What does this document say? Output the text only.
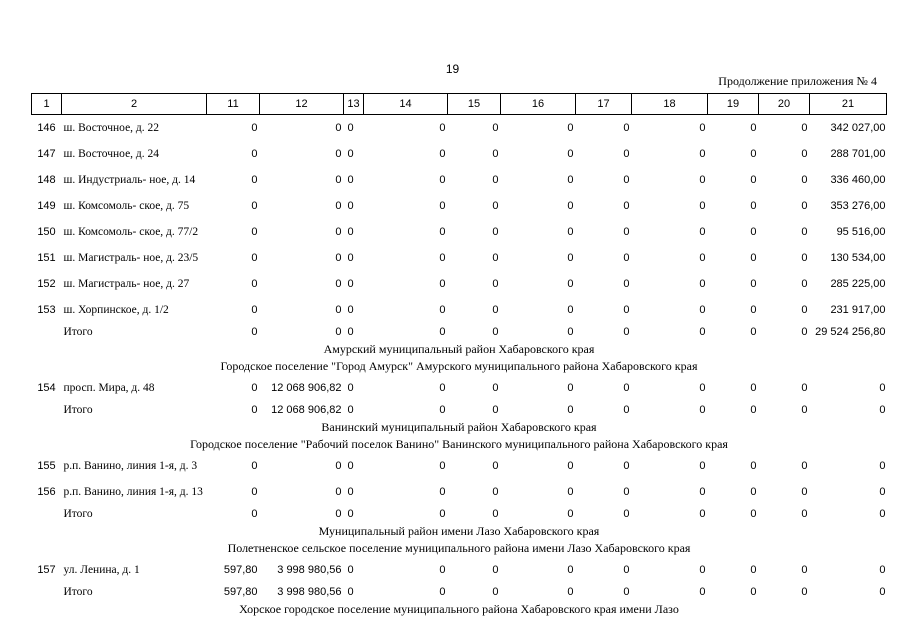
19
Продолжение приложения № 4
1	2	11	12	13	14	15	16	17	18	19	20	21
146	ш. Восточное, д. 22	0	0	0	0	0	0	0	0	0	0	342 027,00
147	ш. Восточное, д. 24	0	0	0	0	0	0	0	0	0	0	288 701,00
148	ш. Индустриаль- ное, д. 14	0	0	0	0	0	0	0	0	0	0	336 460,00
149	ш. Комсомоль- ское, д. 75	0	0	0	0	0	0	0	0	0	0	353 276,00
150	ш. Комсомоль- ское, д. 77/2	0	0	0	0	0	0	0	0	0	0	95 516,00
151	ш. Магистраль- ное, д. 23/5	0	0	0	0	0	0	0	0	0	0	130 534,00
152	ш. Магистраль- ное, д. 27	0	0	0	0	0	0	0	0	0	0	285 225,00
153	ш. Хорпинское, д. 1/2	0	0	0	0	0	0	0	0	0	0	231 917,00
	Итого	0	0	0	0	0	0	0	0	0	0	29 524 256,80
Амурский муниципальный район Хабаровского края												
Городское поселение "Город Амурск" Амурского муниципального района Хабаровского края												
154	просп. Мира, д. 48	0	12 068 906,82	0	0	0	0	0	0	0	0	0
	Итого	0	12 068 906,82	0	0	0	0	0	0	0	0	0
Ванинский муниципальный район Хабаровского края												
Городское поселение "Рабочий поселок Ванино" Ванинского муниципального района Хабаровского края												
155	р.п. Ванино, линия 1-я, д. 3	0	0	0	0	0	0	0	0	0	0	0
156	р.п. Ванино, линия 1-я, д. 13	0	0	0	0	0	0	0	0	0	0	0
	Итого	0	0	0	0	0	0	0	0	0	0	0
Муниципальный район имени Лазо Хабаровского края												
Полетненское сельское поселение муниципального района имени Лазо Хабаровского края												
157	ул. Ленина, д. 1	597,80	3 998 980,56	0	0	0	0	0	0	0	0	0
	Итого	597,80	3 998 980,56	0	0	0	0	0	0	0	0	0
Хорское городское поселение муниципального района Хабаровского края имени Лазо												
